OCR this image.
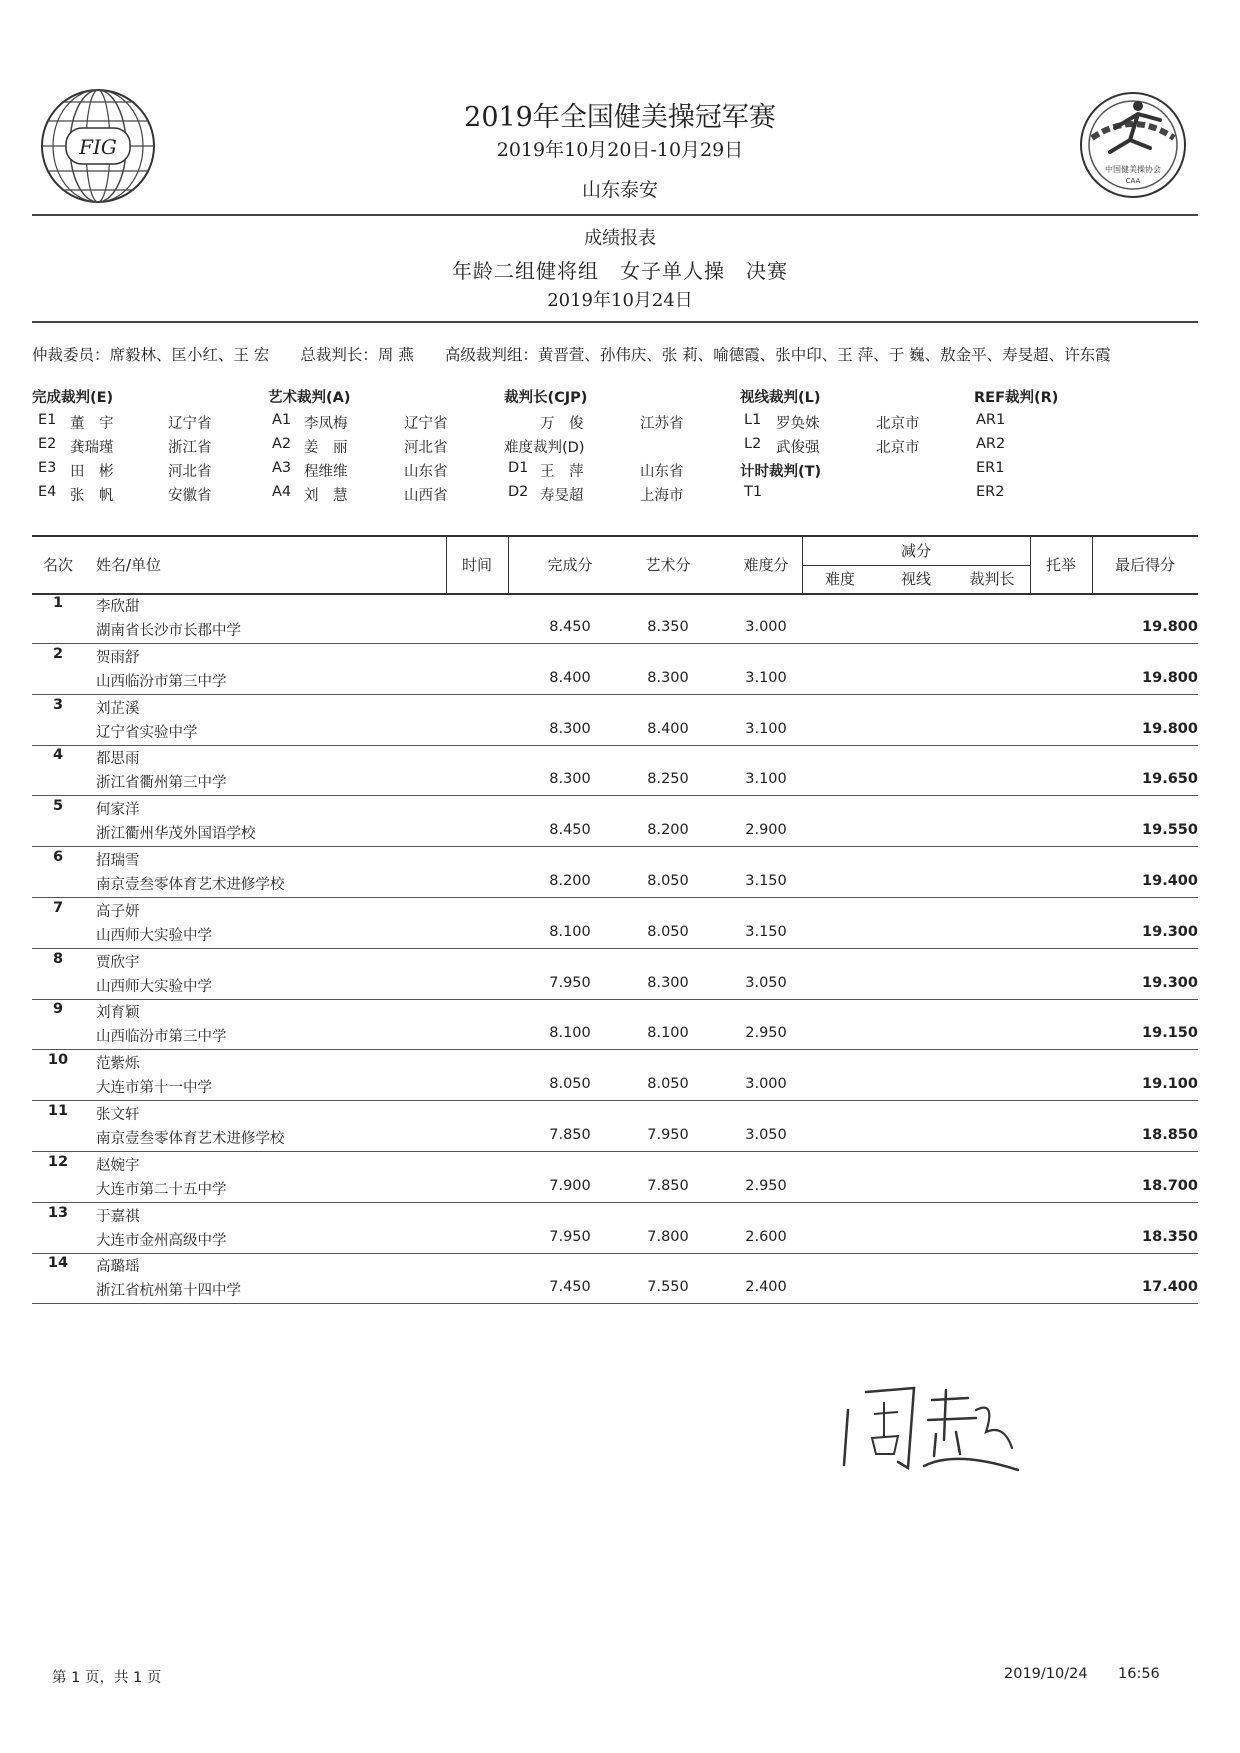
FIG
中国健美操协会
CAA
2019年全国健美操冠军赛
2019年10月20日-10月29日
山东泰安
成绩报表
年龄二组健将组　女子单人操　决赛
2019年10月24日
仲裁委员：席毅林、匡小红、王 宏　　总裁判长：周 燕　　高级裁判组：黄晋萱、孙伟庆、张 莉、喻德霞、张中印、王 萍、于 巍、敖金平、寿旻超、许东霞
完成裁判(E)
E1 董　宇	辽宁省
E2 龚瑞瑾	浙江省
E3 田　彬	河北省
E4 张　帆	安徽省
艺术裁判(A)
A1 李凤梅	辽宁省
A2 姜　丽	河北省
A3 程维维	山东省
A4 刘　慧	山西省
裁判长(CJP)
万　俊	江苏省
难度裁判(D)
D1 王　萍	山东省
D2 寿旻超	上海市
视线裁判(L)
L1 罗奂姝	北京市
L2 武俊强	北京市
计时裁判(T)
T1
REF裁判(R)
AR1
AR2
ER1
ER2
名次	姓名/单位	时间	完成分	艺术分	难度分
减分
难度	视线	裁判长
托举	最后得分
1	李欣甜
湖南省长沙市长郡中学	8.450	8.350	3.000	19.800
2	贺雨舒
山西临汾市第三中学	8.400	8.300	3.100	19.800
3	刘芷溪
辽宁省实验中学	8.300	8.400	3.100	19.800
4	都思雨
浙江省衢州第三中学	8.300	8.250	3.100	19.650
5	何家洋
浙江衢州华茂外国语学校	8.450	8.200	2.900	19.550
6	招瑞雪
南京壹叁零体育艺术进修学校	8.200	8.050	3.150	19.400
7	高子妍
山西师大实验中学	8.100	8.050	3.150	19.300
8	贾欣宇
山西师大实验中学	7.950	8.300	3.050	19.300
9	刘育颖
山西临汾市第三中学	8.100	8.100	2.950	19.150
10	范紫烁
大连市第十一中学	8.050	8.050	3.000	19.100
11	张文轩
南京壹叁零体育艺术进修学校	7.850	7.950	3.050	18.850
12	赵婉宇
大连市第二十五中学	7.900	7.850	2.950	18.700
13	于嘉祺
大连市金州高级中学	7.950	7.800	2.600	18.350
14	高璐瑶
浙江省杭州第十四中学	7.450	7.550	2.400	17.400
第 1 页，共 1 页	2019/10/24 16:56
